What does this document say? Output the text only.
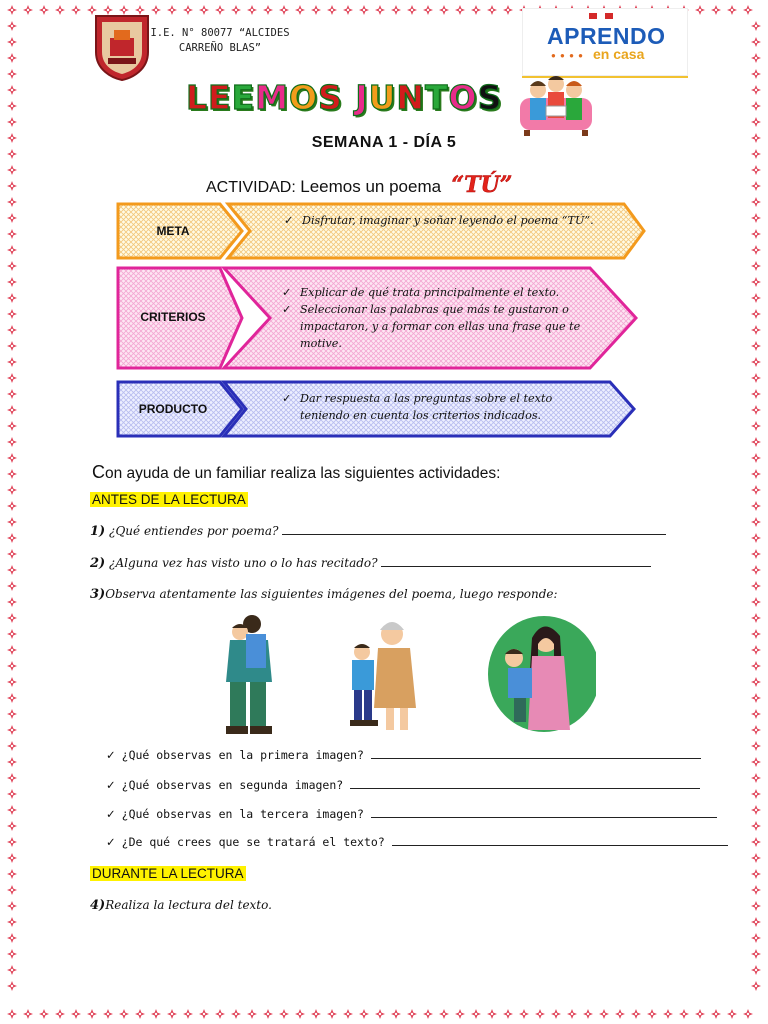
I.E. N° 80077 “ALCIDES
CARREÑO BLAS”	APRENDO
● ● ● ● en casa
LEEMOS JUNTOS
SEMANA 1 - DÍA 5
ACTIVIDAD: Leemos un poema “TÚ”
META
✓ Disfrutar, imaginar y soñar leyendo el poema “TÚ”.
CRITERIOS
✓ Explicar de qué trata principalmente el texto.
✓ Seleccionar las palabras que más te gustaron o impactaron, y a formar con ellas una frase que te motive.
PRODUCTO
✓ Dar respuesta a las preguntas sobre el texto teniendo en cuenta los criterios indicados.
Con ayuda de un familiar realiza las siguientes actividades:
ANTES DE LA LECTURA
1) ¿Qué entiendes por poema?
2) ¿Alguna vez has visto uno o lo has recitado?
3)Observa atentamente las siguientes imágenes del poema, luego responde:
✓ ¿Qué observas en la primera imagen?
✓ ¿Qué observas en segunda imagen?
✓ ¿Qué observas en la tercera imagen?
✓ ¿De qué crees que se tratará el texto?
DURANTE LA LECTURA
4)Realiza la lectura del texto.
